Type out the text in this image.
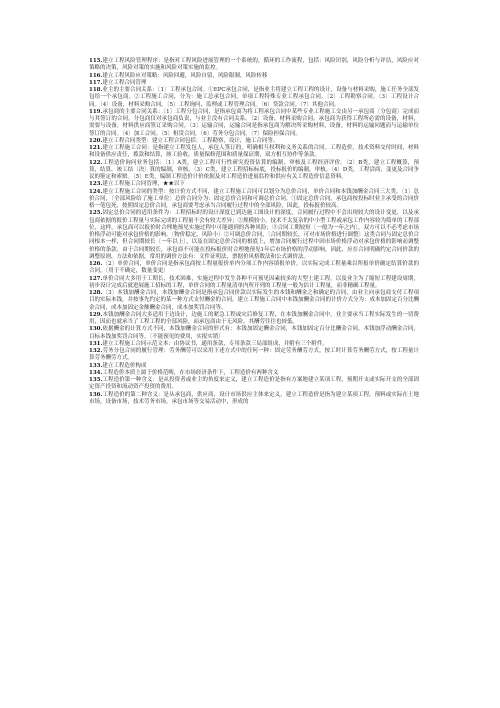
115.建立工程风险管理程序：是指对工程风险进展管理的一个系统的，循环的工作流程，包括：风险识别，风险分析与评估，风险应对策略的决策，风险对策的实施和风险对策实施的监控。

116.建立工程风险应对策略：风险回避，风险自留，风险限制，风险转移

117.建立工程合同管理

118.业主的主要合同关系：〔1〕工程承包合同。①EPC承包合同，是指业主将建立工程工程的设计，设备与材料采购，施工任务全部发包给一个承包商。②工程施工合同，分为：施工总承包合同，单项工程特殊专业工程承包合同。〔2〕工程勘察合同。〔3〕工程设计合同。〔4〕设备，材料采购合同。〔5〕工程询问，监理或工程管理合同。〔6〕贷款合同。〔7〕其他合同。

119.承包商的主要合同关系：〔1〕工程分包合同，是指承包商为将工程承包合同中某些专业工程施工交由另一承包商〔分包商〕完成而与其签订的合同。分包商仅对承包商负责，与业主没有合同关系。〔2〕设备，材料采购合同。承包商为获得工程所必需的设备，材料，需要与设备，材料供应商签订采购合同。〔3〕运输合同，运输合同是指承包商为解决所采购材料，设备，材料的运输问题而与运输单位签订的合同。〔4〕加工合同。〔5〕租赁合同。〔6〕劳务分包合同。〔7〕保险担保合同。

120.建立工程合同类型：建立工程合同包括：工程勘察，设计，施工合同等。

121.建立工程施工合同：是指建立工程发包人，承包人签订的，明确相互权利和义务关系的合同。工程造价，技术资料交付时间，材料和设备供应责任，拨款和结算，竣工验收，质量保修范围和质量保证期，双方相互协作等条款。

122.工程造价询问业务包括：〔1〕A类，建立工程可行性研究投资估算的编制，审核及工程经济评价。〔2〕B类，建立工程概算，预算，结算，竣工结〔决〕算的编制，审核。〔3〕C类，建立工程招标标底，投标报价的编制，审核。〔4〕D类，工程洽商，变更及合同争议的鉴定和索赔。〔5〕E类，编制工程造价计价依据及对工程造价进展监控和供应有关工程造价信息资料。

123.建立工程施工合同管理，★★以下

124.建立工程施工合同的类型：按计价方式不同，建立工程施工合同可以划分为总价合同，单价合同和本钱加酬金合同三大类。〔1〕总价合同，〔全部风险给了施工单位〕总价合同分为：固定总价合同和可调总价合同。①固定总价合同，承包商按投标时业主承受的合同价格一笔包死，按照固定总价合同，承包商要考虑承当合同履行过程中的全部风险，因此，投标报价较高。

125.固定总价合同的适用条件为：工程招标时的设计深度已到达施工图设计的深度，合同履行过程中不会出现较大的设计变更，以及承包商依据的报价工程量与实际完成的工程量不会有较大差异；②规模较小，技术不太复杂的中小型工程或承包工作内容较为简单的工程部位，这样，承包商可以报价时合理地预见实施过程中可能遇到的各种风险；③合同工期较短〔一般为一年之内〕，双方可以不必考虑市场价格浮动可能对承包价格的影响。〔物价稳定，风险小〕②可调总价合同，〔合同期较长，可对市场价格进行调整〕这类合同与固定总价合同根本一样，但合同期较长〔一年以上〕，以及在固定总价合同的根底上，增加合同履行过程中因市场价格浮动对承包价格的影响而调整价格的条款。由于合同期较长，承包商不可能在投标报价时合理地预见1年后市场价格的浮动影响，因此，应在合同明确约定合同价款的调整原则，方法和依据，常用的调价方法有：文件证明法，票据价风格数法和公式调价法。

126.〔2〕单价合同，单价合同是指承包商按工程量报价单内分项工作内容填报单价，以实际完成工程量乘以所报单价确定结算价款的合同，〔用于不确定，数量变更〕

127.单价合同大多用于工期长，技术困难，实施过程中发生各种不可预见因素较多的大型土建工程，以及业主为了缩短工程建设周期，初步设计完成后就进展施工招标的工程，单价合同的工程量清单内所开列的工程量一般为估计工程量，而非精确工程量。

128.〔3〕本钱加酬金合同，本钱加酬金合同是指承包合同价款以实际发生的本钱和酬金之和确定的合同，由业主向承包商支付工程项目的实际本钱，并按事先约定的某一种方式支付酬金的合同。建立工程施工合同中本钱加酬金合同的计价方式分为：成本加固定百分比酬金合同，成本加固定金额酬金合同，成本加奖罚合同等。

129.本钱加酬金合同大多适用于边设计，边施工的紧急工程或灾后修复工程，在本钱加酬金合同中，业主要承当工程实际发生的一切费用，因而也就承当了工程工程的全部风险，而承包商由于无风险，其酬劳往往也较低。

130.依据酬金的计算方式不同，本钱加酬金合同的形式有：本钱加固定酬金合同，本钱加固定百分比酬金合同，本钱加浮动酬金合同，目标本钱加奖罚合同等。〔不能预见的费用，实报实销〕

131.建立工程施工合同示范文本：由协议书，通用条款，专用条款三局部组成，并附有三个附件。

132.劳务分包合同的履行管理：劳务酬劳可以采用下述方式中的任何一种：固定劳务酬劳方式，按工时计算劳务酬劳方式，按工程量计算劳务酬劳方式。

133.建立工程造价构成

134.工程造价本质上属于价格范畴，在市场经济条件下，工程造价有两种含义

135.工程造价第一种含义：是从投资者或业主的角度来定义，建立工程造价是指有方案地建立某项工程，预期开支或实际开支的全部固定资产投资和流动资产投资的费用。

136.工程造价的第二种含义：是从承包商，供应商，设计市场供应主体来定义，建立工程造价是指为建立某项工程，预料或实际在土地市场，设备市场，技术劳务市场，承包市场等交易活动中，形成的
